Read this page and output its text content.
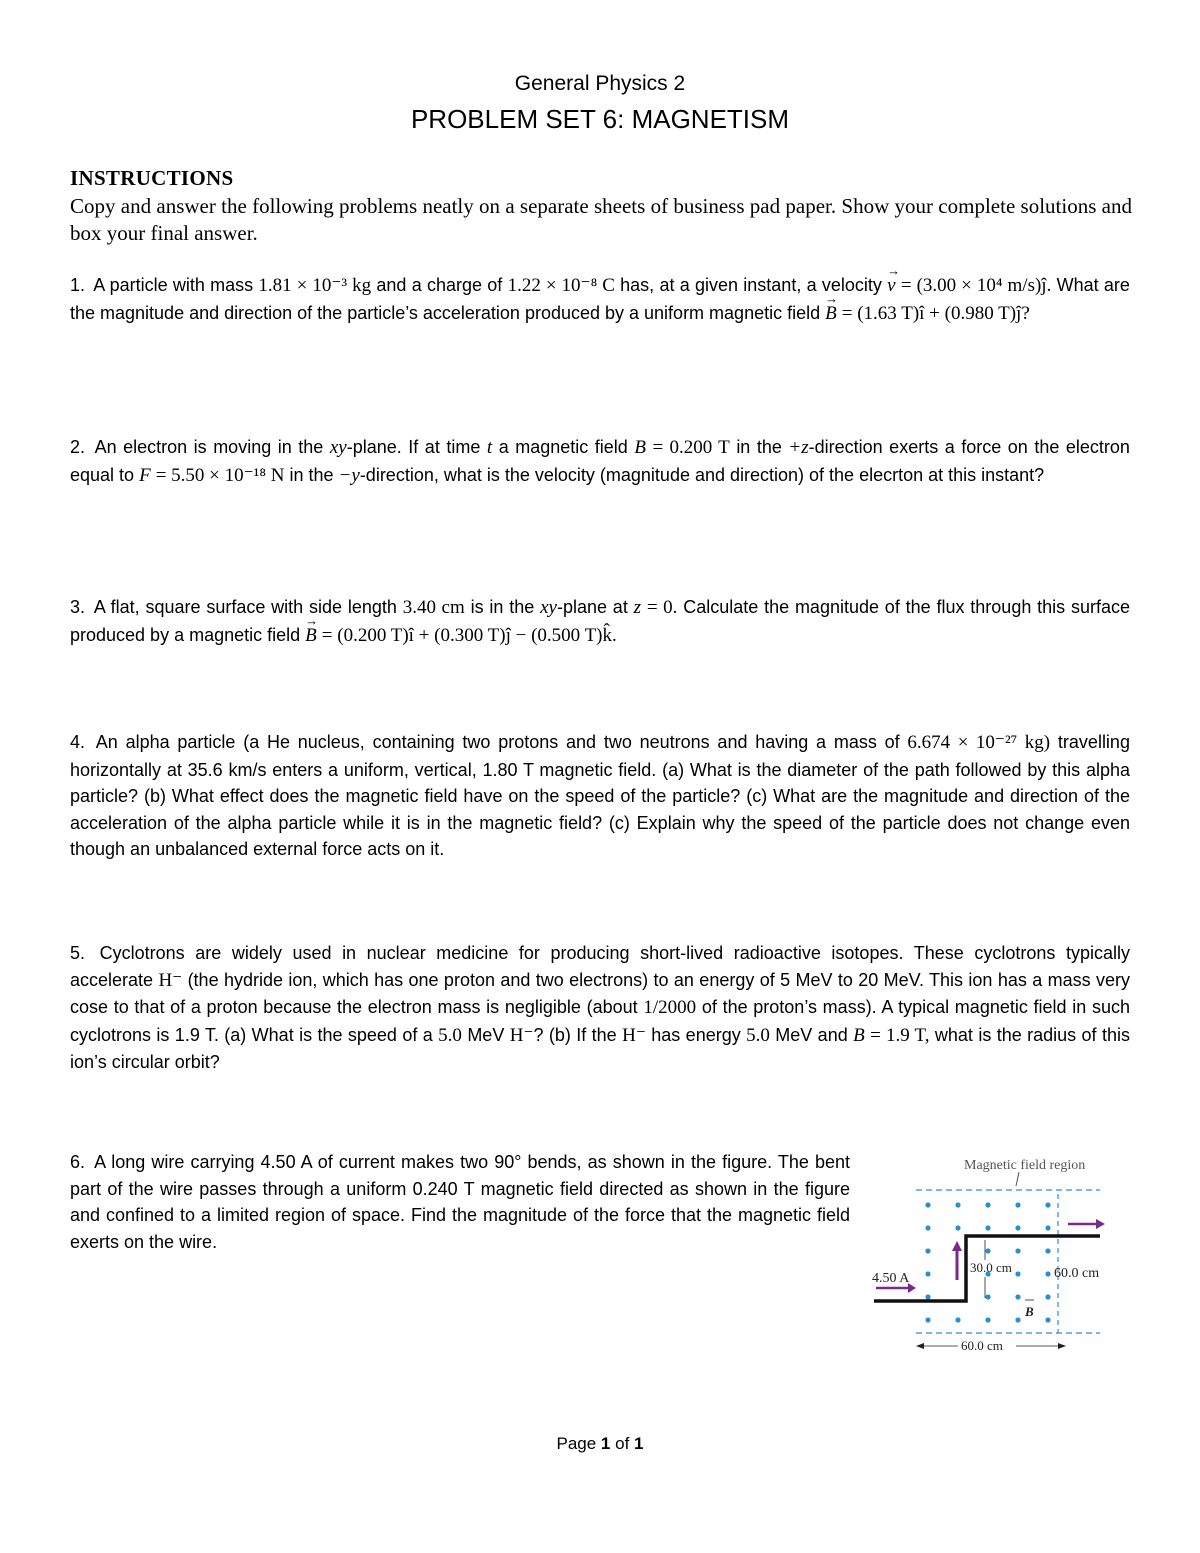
General Physics 2
PROBLEM SET 6: MAGNETISM
INSTRUCTIONS
Copy and answer the following problems neatly on a separate sheets of business pad paper. Show your complete solutions and box your final answer.
1. A particle with mass 1.81 × 10⁻³ kg and a charge of 1.22 × 10⁻⁸ C has, at a given instant, a velocity → v = (3.00 × 10⁴ m/s)ĵ. What are the magnitude and direction of the particle’s acceleration produced by a uniform magnetic field → B = (1.63 T)î + (0.980 T)ĵ?
2. An electron is moving in the xy-plane. If at time t a magnetic field B = 0.200 T in the +z-direction exerts a force on the electron equal to F = 5.50 × 10⁻¹⁸ N in the −y-direction, what is the velocity (magnitude and direction) of the elecrton at this instant?
3. A flat, square surface with side length 3.40 cm is in the xy-plane at z = 0. Calculate the magnitude of the flux through this surface produced by a magnetic field → B = (0.200 T)î + (0.300 T)ĵ − (0.500 T)k̂.
4. An alpha particle (a He nucleus, containing two protons and two neutrons and having a mass of 6.674 × 10⁻²⁷ kg) travelling horizontally at 35.6 km/s enters a uniform, vertical, 1.80 T magnetic field. (a) What is the diameter of the path followed by this alpha particle? (b) What effect does the magnetic field have on the speed of the particle? (c) What are the magnitude and direction of the acceleration of the alpha particle while it is in the magnetic field? (c) Explain why the speed of the particle does not change even though an unbalanced external force acts on it.
5. Cyclotrons are widely used in nuclear medicine for producing short-lived radioactive isotopes. These cyclotrons typically accelerate H⁻ (the hydride ion, which has one proton and two electrons) to an energy of 5 MeV to 20 MeV. This ion has a mass very cose to that of a proton because the electron mass is negligible (about 1/2000 of the proton’s mass). A typical magnetic field in such cyclotrons is 1.9 T. (a) What is the speed of a 5.0 MeV H⁻? (b) If the H⁻ has energy 5.0 MeV and B = 1.9 T, what is the radius of this ion’s circular orbit?
6. A long wire carrying 4.50 A of current makes two 90° bends, as shown in the figure. The bent part of the wire passes through a uniform 0.240 T magnetic field directed as shown in the figure and confined to a limited region of space. Find the magnitude of the force that the magnetic field exerts on the wire.
Magnetic field region
4.50 A
30.0 cm	60.0 cm
B
60.0 cm
Page 1 of 1
